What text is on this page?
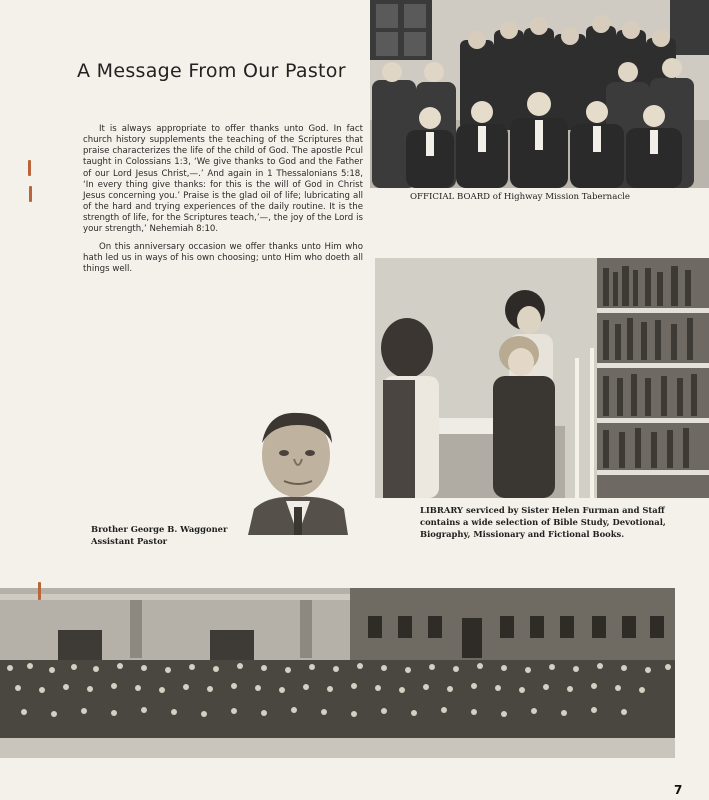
A Message From Our Pastor

It is always appropriate to offer thanks unto God. In fact church history supplements the teaching of the Scriptures that praise characterizes the life of the child of God. The apostle Pcul taught in Colossians 1:3, ‘We give thanks to God and the Father of our Lord Jesus Christ,—.’ And again in 1 Thessalonians 5:18, ‘In every thing give thanks: for this is the will of God in Christ Jesus concerning you.’ Praise is the glad oil of life; lubricating all of the hard and trying experiences of the daily routine. It is the strength of life, for the Scriptures teach,’—, the joy of the Lord is your strength,’ Nehemiah 8:10.

On this anniversary occasion we offer thanks unto Him who hath led us in ways of his own choosing; unto Him who doeth all things well.

OFFICIAL BOARD of Highway Mission Tabernacle
LIBRARY serviced by Sister Helen Furman and Staff contains a wide selection of Bible Study, Devotional, Biography, Missionary and Fictional Books.
Brother George B. Waggoner
Assistant Pastor
7
